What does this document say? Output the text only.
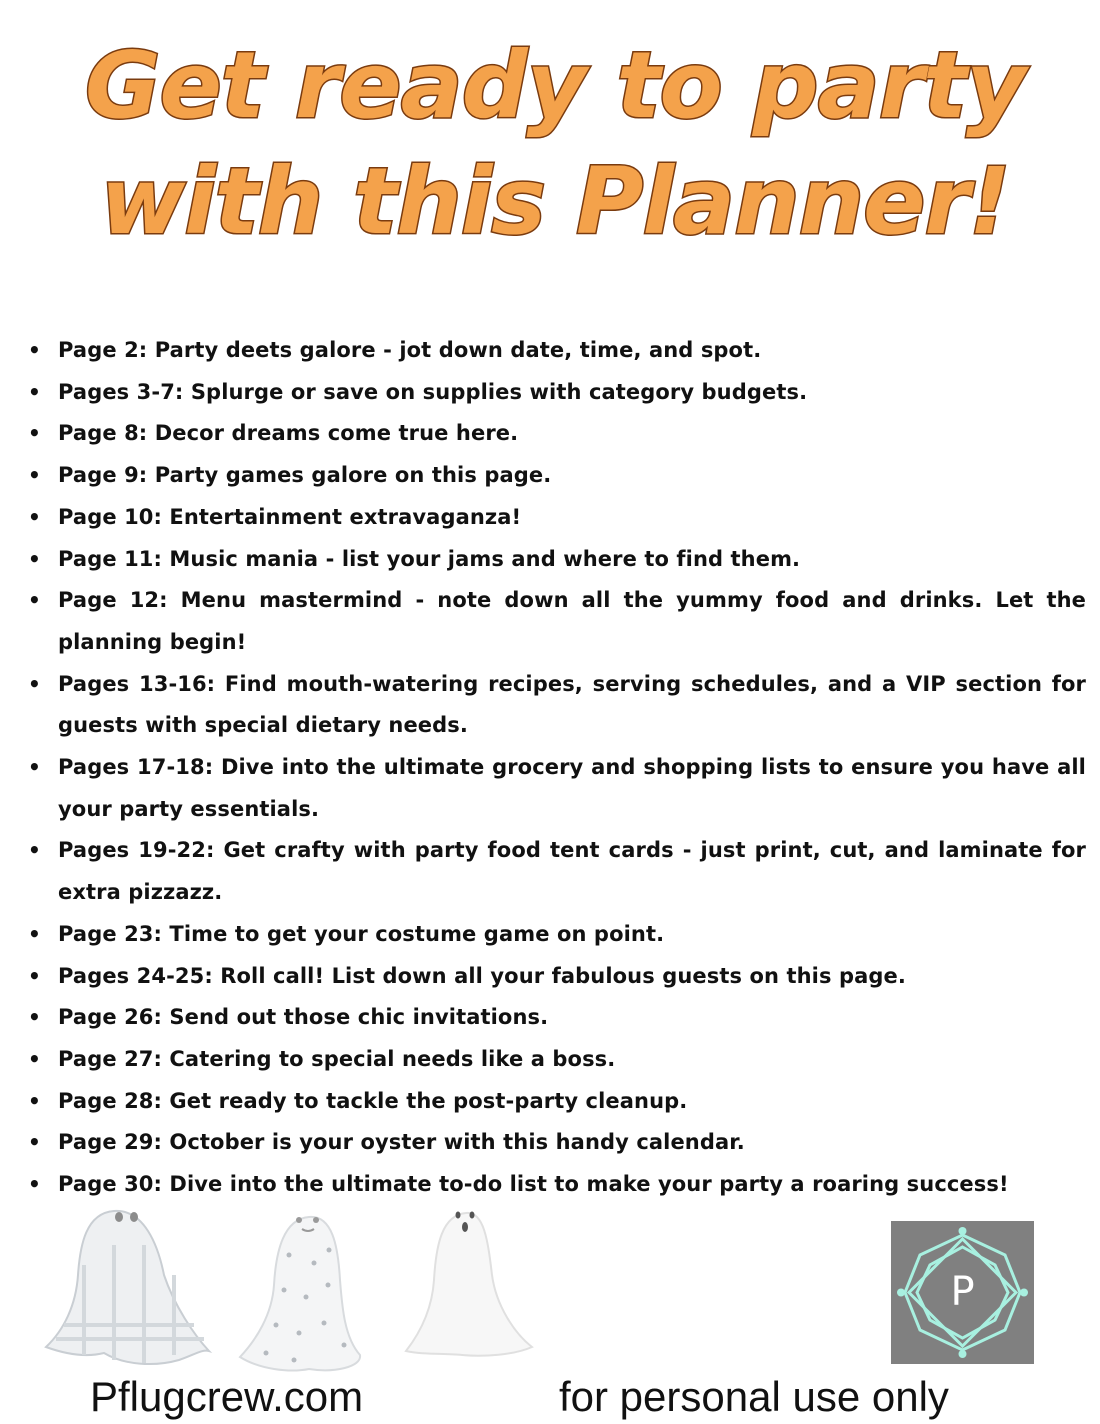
Get ready to party
with this Planner!
• Page 2: Party deets galore - jot down date, time, and spot.
• Pages 3-7: Splurge or save on supplies with category budgets.
• Page 8: Decor dreams come true here.
• Page 9: Party games galore on this page.
• Page 10: Entertainment extravaganza!
• Page 11: Music mania - list your jams and where to find them.
• Page 12: Menu mastermind - note down all the yummy food and drinks. Let the planning begin!
• Pages 13-16: Find mouth-watering recipes, serving schedules, and a VIP section for guests with special dietary needs.
• Pages 17-18: Dive into the ultimate grocery and shopping lists to ensure you have all your party essentials.
• Pages 19-22: Get crafty with party food tent cards - just print, cut, and laminate for extra pizzazz.
• Page 23: Time to get your costume game on point.
• Pages 24-25: Roll call! List down all your fabulous guests on this page.
• Page 26: Send out those chic invitations.
• Page 27: Catering to special needs like a boss.
• Page 28: Get ready to tackle the post-party cleanup.
• Page 29: October is your oyster with this handy calendar.
• Page 30: Dive into the ultimate to-do list to make your party a roaring success!
P
Pflugcrew.com	for personal use only
